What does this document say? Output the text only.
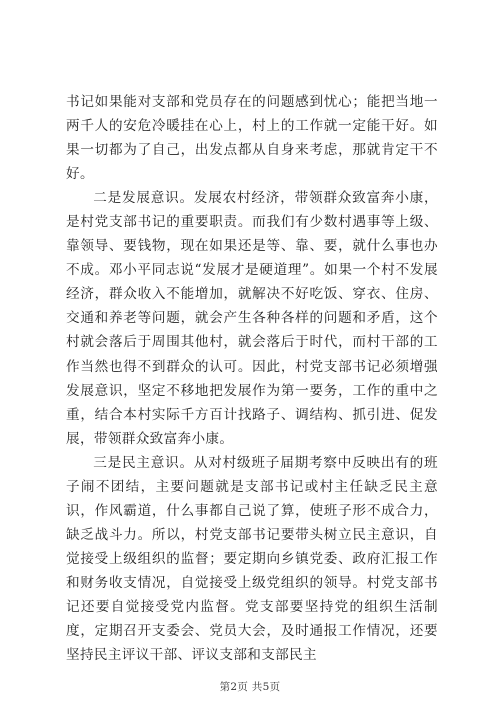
书记如果能对支部和党员存在的问题感到忧心；能把当地一两千人的安危冷暖挂在心上，村上的工作就一定能干好。如果一切都为了自己，出发点都从自身来考虑，那就肯定干不好。

二是发展意识。发展农村经济，带领群众致富奔小康，是村党支部书记的重要职责。而我们有少数村遇事等上级、靠领导、要钱物，现在如果还是等、靠、要，就什么事也办不成。邓小平同志说“发展才是硬道理”。如果一个村不发展经济，群众收入不能增加，就解决不好吃饭、穿衣、住房、交通和养老等问题，就会产生各种各样的问题和矛盾，这个村就会落后于周围其他村，就会落后于时代，而村干部的工作当然也得不到群众的认可。因此，村党支部书记必须增强发展意识，坚定不移地把发展作为第一要务，工作的重中之重，结合本村实际千方百计找路子、调结构、抓引进、促发展，带领群众致富奔小康。

三是民主意识。从对村级班子届期考察中反映出有的班子闹不团结，主要问题就是支部书记或村主任缺乏民主意识，作风霸道，什么事都自己说了算，使班子形不成合力，缺乏战斗力。所以，村党支部书记要带头树立民主意识，自觉接受上级组织的监督；要定期向乡镇党委、政府汇报工作和财务收支情况，自觉接受上级党组织的领导。村党支部书记还要自觉接受党内监督。党支部要坚持党的组织生活制度，定期召开支委会、党员大会，及时通报工作情况，还要坚持民主评议干部、评议支部和支部民主

第2页 共5页
